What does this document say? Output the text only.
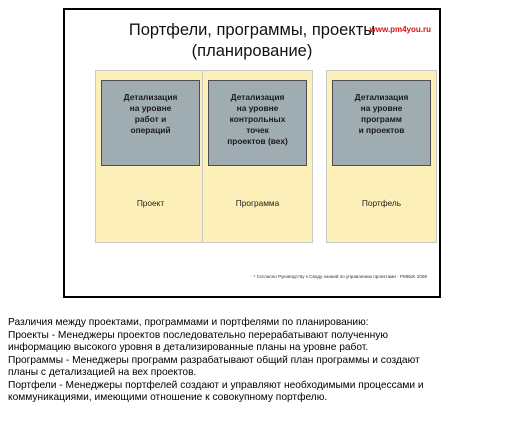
Портфели, программы, проекты
(планирование)
www.pm4you.ru
Детализация
на уровне
работ и
операций
Проект
Детализация
на уровне
контрольных
точек
проектов (вех)
Программа
Детализация
на уровне
программ
и проектов
Портфель
* Согласно Руководству к Своду знаний по управлению проектами - PMBoK 2008
Различия между проектами, программами и портфелями по планированию:
Проекты - Менеджеры проектов последовательно перерабатывают полученную
информацию высокого уровня в детализированные планы на уровне работ.
Программы - Менеджеры программ разрабатывают общий план программы и создают
планы с детализацией на вех проектов.
Портфели - Менеджеры портфелей создают и управляют необходимыми процессами и
коммуникациями, имеющими отношение к совокупному портфелю.
